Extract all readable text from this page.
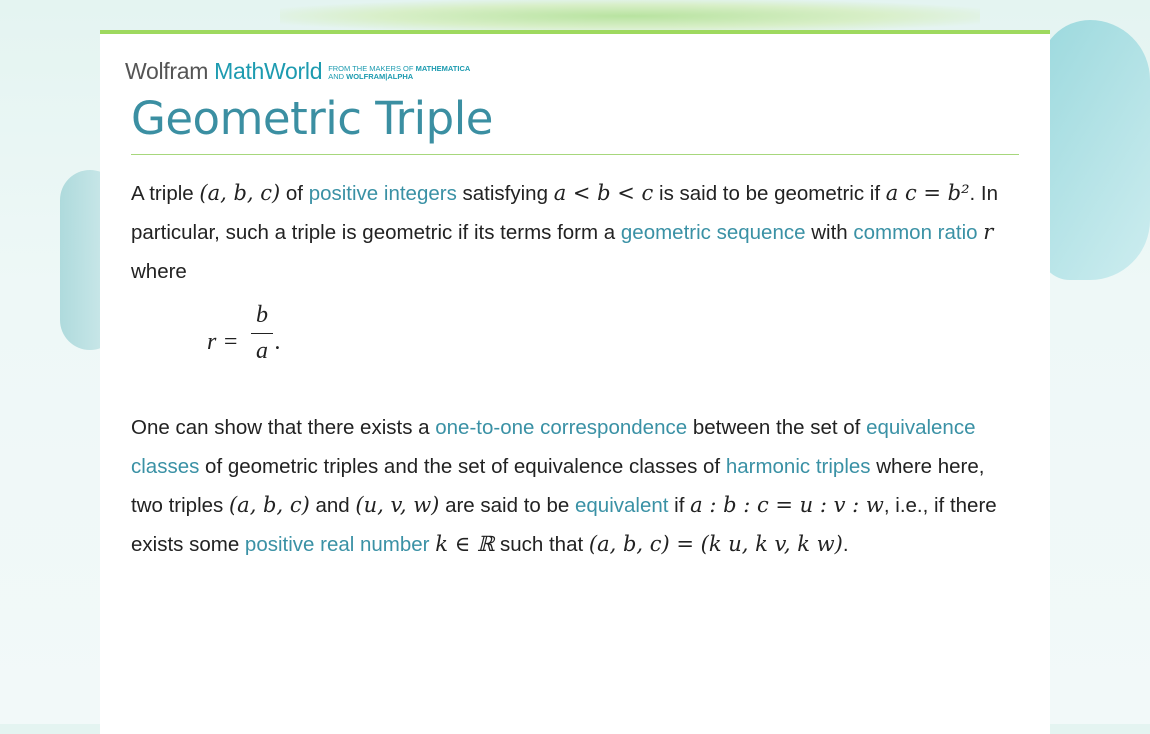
Wolfram MathWorld FROM THE MAKERS OF MATHEMATICA
AND WOLFRAM|ALPHA
Geometric Triple

A triple (a, b, c) of positive integers satisfying a < b < c is said to be geometric if a c = b². In particular, such a triple is geometric if its terms form a geometric sequence with common ratio r where

r =
b
a .

One can show that there exists a one-to-one correspondence between the set of equivalence classes of geometric triples and the set of equivalence classes of harmonic triples where here, two triples (a, b, c) and (u, v, w) are said to be equivalent if a : b : c = u : v : w, i.e., if there exists some positive real number k ∈ ℝ such that (a, b, c) = (k u, k v, k w).
